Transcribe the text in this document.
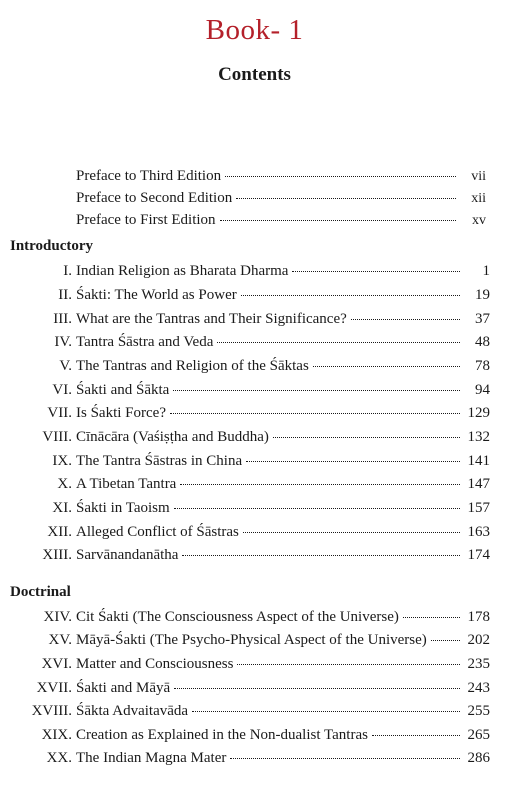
Book- 1
Contents
Preface to Third Edition	vii
Preface to Second Edition	xii
Preface to First Edition	xv
Introductory
I. Indian Religion as Bharata Dharma	1
II. Śakti: The World as Power	19
III. What are the Tantras and Their Significance?	37
IV. Tantra Śāstra and Veda	48
V. The Tantras and Religion of the Śāktas	78
VI. Śakti and Śākta	94
VII. Is Śakti Force?	129
VIII. Cīnācāra (Vaśiṣṭha and Buddha)	132
IX. The Tantra Śāstras in China	141
X. A Tibetan Tantra	147
XI. Śakti in Taoism	157
XII. Alleged Conflict of Śāstras	163
XIII. Sarvānandanātha	174
Doctrinal
XIV. Cit Śakti (The Consciousness Aspect of the Universe)	178
XV. Māyā-Śakti (The Psycho-Physical Aspect of the Universe)	202
XVI. Matter and Consciousness	235
XVII. Śakti and Māyā	243
XVIII. Śākta Advaitavāda	255
XIX. Creation as Explained in the Non-dualist Tantras	265
XX. The Indian Magna Mater	286
